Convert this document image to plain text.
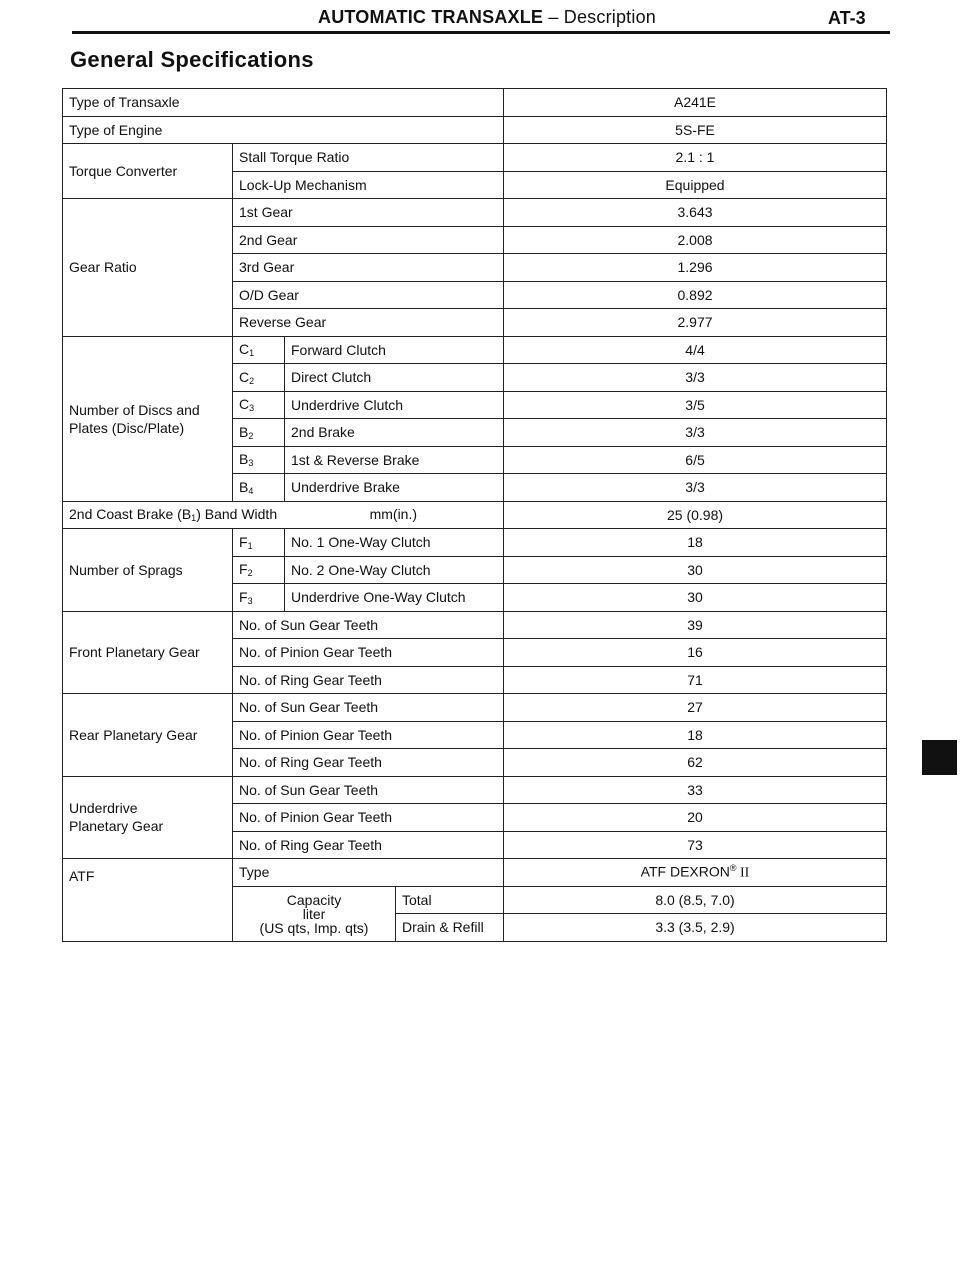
AUTOMATIC TRANSAXLE – Description	AT-3
General Specifications
Type of Transaxle				A241E
Type of Engine				5S-FE
Torque Converter	Stall Torque Ratio			2.1 : 1
	Lock-Up Mechanism			Equipped
Gear Ratio	1st Gear			3.643
	2nd Gear			2.008
	3rd Gear			1.296
	O/D Gear			0.892
	Reverse Gear			2.977
Number of Discs and
Plates (Disc/Plate)	$C_1$	Forward Clutch		4/4
	$C_2$	Direct Clutch		3/3
	$C_3$	Underdrive Clutch		3/5
	$B_2$	2nd Brake		3/3
	$B_3$	1st & Reverse Brake		6/5
	$B_4$	Underdrive Brake		3/3
2nd Coast Brake $(B_1)$ Band Width mm(in.)				25 (0.98)
Number of Sprags	$F_1$	No. 1 One-Way Clutch		18
	$F_2$	No. 2 One-Way Clutch		30
	$F_3$	Underdrive One-Way Clutch		30
Front Planetary Gear	No. of Sun Gear Teeth			39
	No. of Pinion Gear Teeth			16
	No. of Ring Gear Teeth			71
Rear Planetary Gear	No. of Sun Gear Teeth			27
	No. of Pinion Gear Teeth			18
	No. of Ring Gear Teeth			62
Underdrive
Planetary Gear	No. of Sun Gear Teeth			33
	No. of Pinion Gear Teeth			20
	No. of Ring Gear Teeth			73
ATF	Type			ATF DEXRON® II
	Capacity
liter
(US qts, Imp. qts)		Total	8.0 (8.5, 7.0)
			Drain & Refill	3.3 (3.5, 2.9)
